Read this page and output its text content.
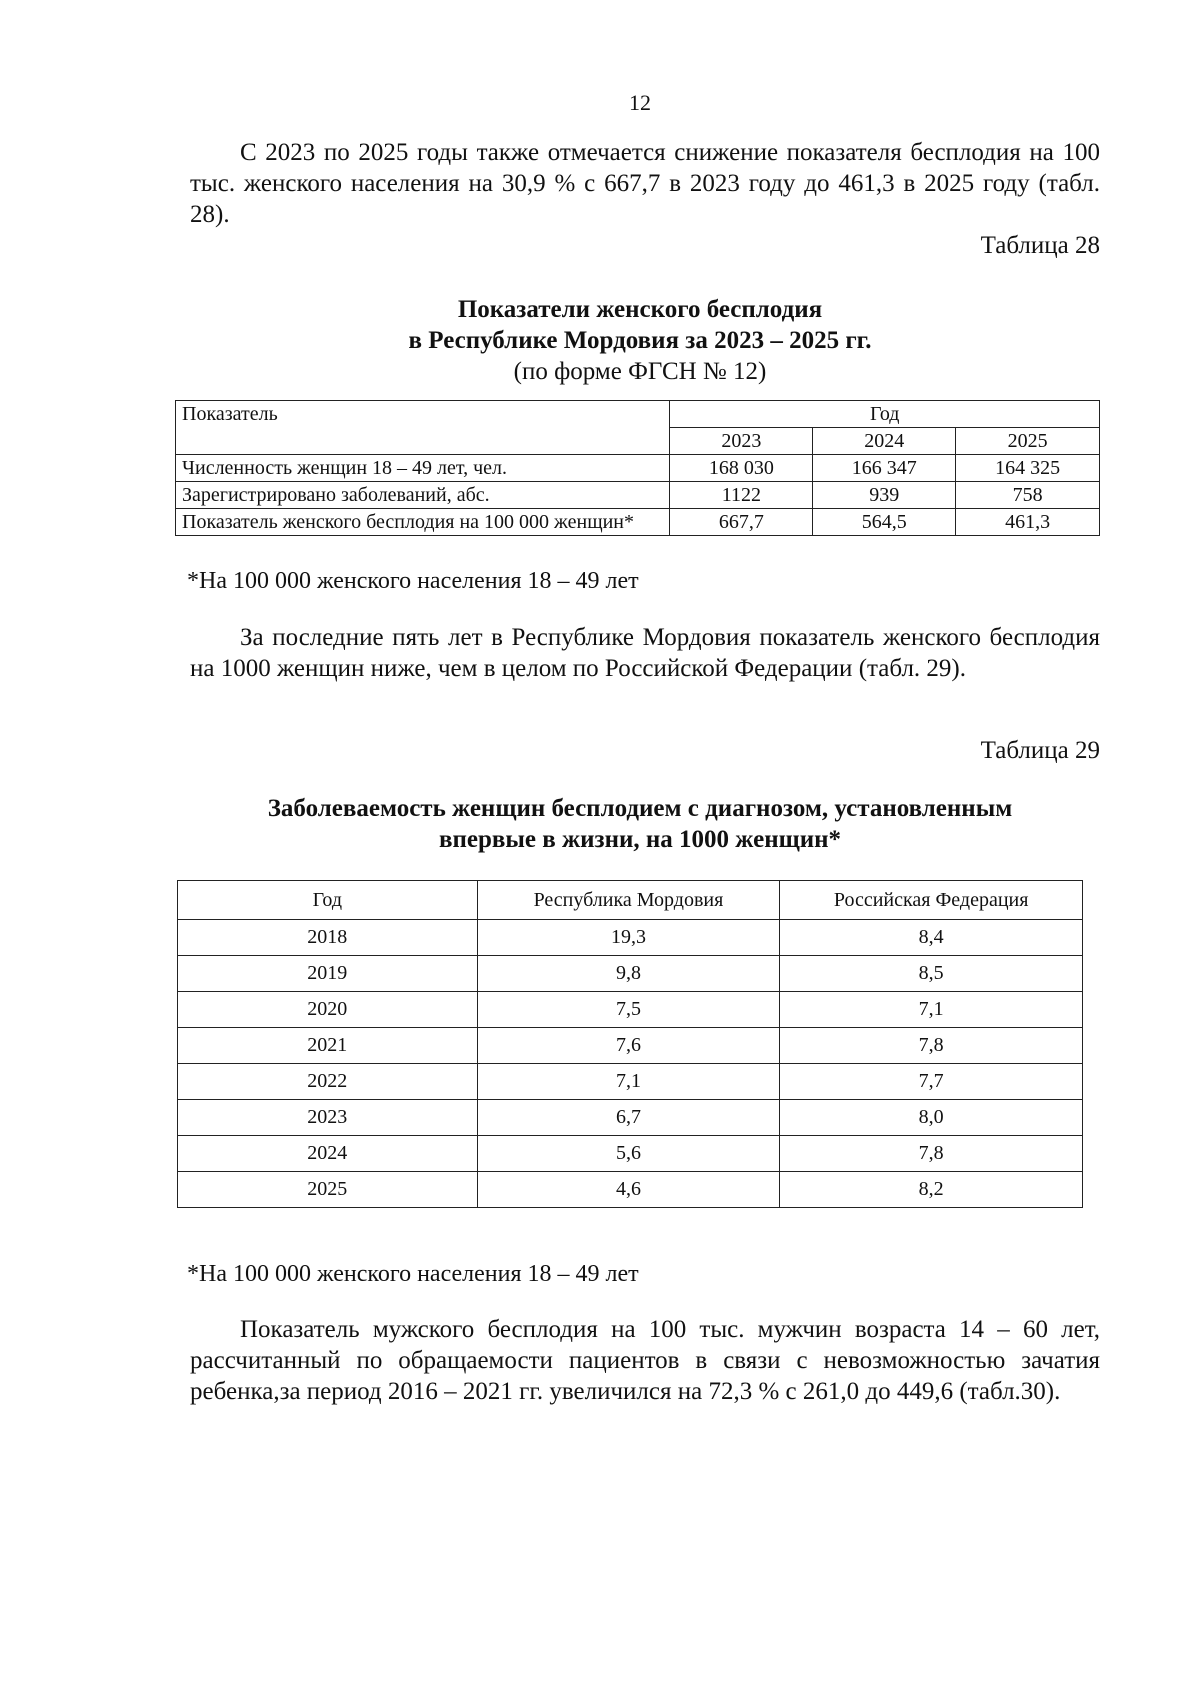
12

С 2023 по 2025 годы также отмечается снижение показателя бесплодия на 100 тыс. женского населения на 30,9 % с 667,7 в 2023 году до 461,3 в 2025 году (табл. 28).

Таблица 28
Показатели женского бесплодия
в Республике Мордовия за 2023 – 2025 гг.
(по форме ФГСН № 12)
Показатель	Год		
	2023	2024	2025
Численность женщин 18 – 49 лет, чел.	168 030	166 347	164 325
Зарегистрировано заболеваний, абс.	1122	939	758
Показатель женского бесплодия на 100 000 женщин*	667,7	564,5	461,3
*На 100 000 женского населения 18 – 49 лет

За последние пять лет в Республике Мордовия показатель женского бесплодия на 1000 женщин ниже, чем в целом по Российской Федерации (табл. 29).

Таблица 29
Заболеваемость женщин бесплодием с диагнозом, установленным
впервые в жизни, на 1000 женщин*
Год	Республика Мордовия	Российская Федерация
2018	19,3	8,4
2019	9,8	8,5
2020	7,5	7,1
2021	7,6	7,8
2022	7,1	7,7
2023	6,7	8,0
2024	5,6	7,8
2025	4,6	8,2
*На 100 000 женского населения 18 – 49 лет

Показатель мужского бесплодия на 100 тыс. мужчин возраста 14 – 60 лет, рассчитанный по обращаемости пациентов в связи с невозможностью зачатия ребенка,за период 2016 – 2021 гг. увеличился на 72,3 % с 261,0 до 449,6 (табл.30).
